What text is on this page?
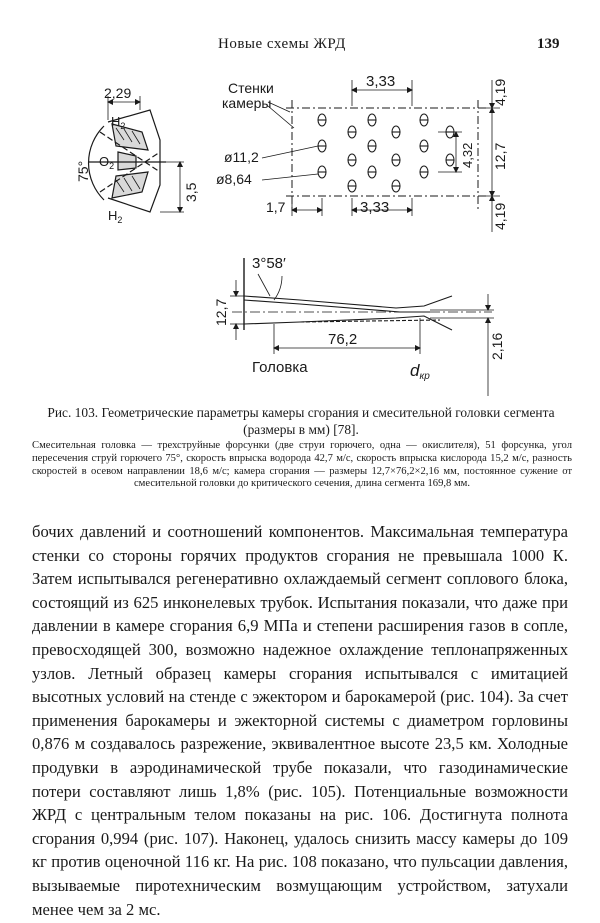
Новые схемы ЖРД	139
2,29
$H_2$
$O_2$
$H_2$
75°
3,5
Стенки
камеры
3,33	4,19
12,7
4,32
ø11,2
ø8,64
1,7	3,33	4,19
3°58′
12,7
76,2	2,16
Головка	dкр
Рис. 103. Геометрические параметры камеры сгорания и смесительной головки сегмента (размеры в мм) [78].
Смесительная головка — трехструйные форсунки (две струи горючего, одна — окислителя), 51 форсунка, угол пересечения струй горючего 75°, скорость впрыска водорода 42,7 м/с, скорость впрыска кислорода 15,2 м/с, разность скоростей в осевом направлении 18,6 м/с; камера сгорания — размеры 12,7×76,2×2,16 мм, постоянное сужение от смесительной головки до критического сечения, длина сегмента 169,8 мм.
бочих давлений и соотношений компонентов. Максимальная температура стенки со стороны горячих продуктов сгорания не превышала 1000 К. Затем испытывался регенеративно охлаждаемый сегмент соплового блока, состоящий из 625 инконелевых трубок. Испытания показали, что даже при давлении в камере сгорания 6,9 МПа и степени расширения газов в сопле, превосходящей 300, возможно надежное охлаждение теплонапряженных узлов. Летный образец камеры сгорания испытывался с имитацией высотных условий на стенде с эжектором и барокамерой (рис. 104). За счет применения барокамеры и эжекторной системы с диаметром горловины 0,876 м создавалось разрежение, эквивалентное высоте 23,5 км. Холодные продувки в аэродинамической трубе показали, что газодинамические потери составляют лишь 1,8% (рис. 105). Потенциальные возможности ЖРД с центральным телом показаны на рис. 106. Достигнута полнота сгорания 0,994 (рис. 107). Наконец, удалось снизить массу камеры до 109 кг против оценочной 116 кг. На рис. 108 показано, что пульсации давления, вызываемые пиротехническим возмущающим устройством, затухали менее чем за 2 мс.
